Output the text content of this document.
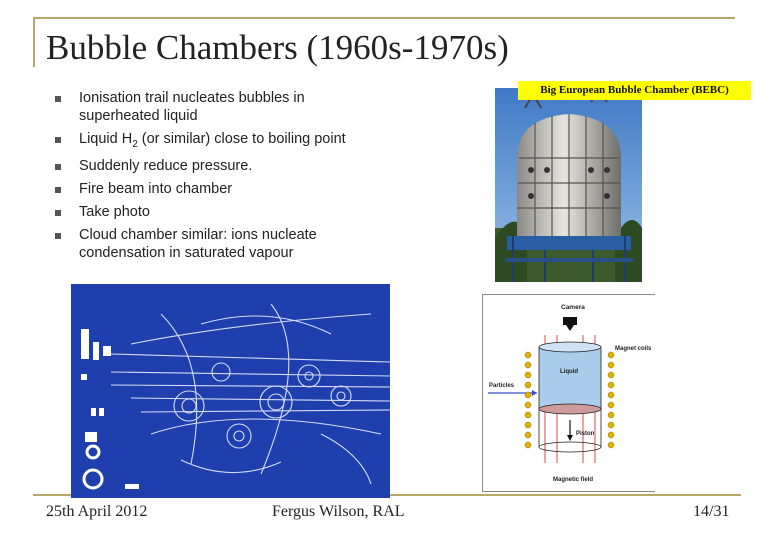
Bubble Chambers (1960s-1970s)
Ionisation trail nucleates bubbles in superheated liquid
Liquid $H_2$ (or similar) close to boiling point
Suddenly reduce pressure.
Fire beam into chamber
Take photo
Cloud chamber similar: ions nucleate condensation in saturated vapour
Big European Bubble Chamber (BEBC)
Camera
Magnet coils
Liquid
Particles
Piston
Magnetic field
25th April 2012	Fergus Wilson, RAL	14/31
